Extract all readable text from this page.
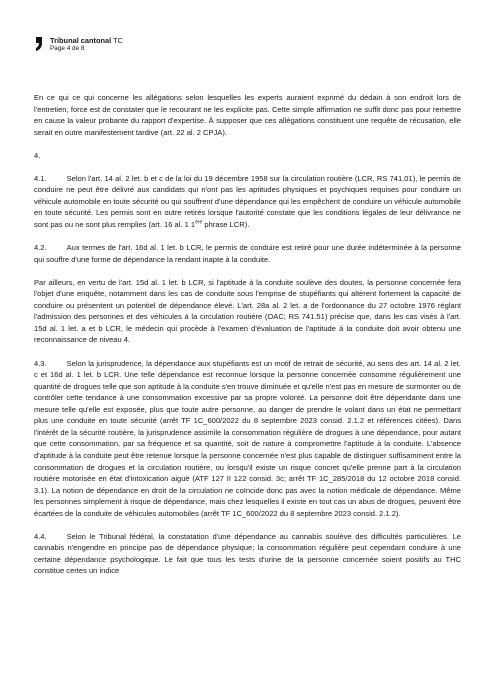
Tribunal cantonal TC
Page 4 de 8

En ce qui ce qui concerne les allégations selon lesquelles les experts auraient exprimé du dédain à son endroit lors de l'entretien, force est de constater que le recourant ne les explicite pas. Cette simple affirmation ne suffit donc pas pour remettre en cause la valeur probante du rapport d'expertise. À supposer que ces allégations constituent une requête de récusation, elle serait en outre manifestement tardive (art. 22 al. 2 CPJA).

4.

4.1.	Selon l'art. 14 al. 2 let. b et c de la loi du 19 décembre 1958 sur la circulation routière (LCR, RS 741.01), le permis de conduire ne peut être délivré aux candidats qui n'ont pas les aptitudes physiques et psychiques requises pour conduire un véhicule automobile en toute sécurité ou qui souffrent d'une dépendance qui les empêchent de conduire un véhicule automobile en toute sécurité. Les permis sont en outre retirés lorsque l'autorité constate que les conditions légales de leur délivrance ne sont pas ou ne sont plus remplies (art. 16 al. 1 1ère phrase LCR).

4.2.	Aux termes de l'art. 16d al. 1 let. b LCR, le permis de conduire est retiré pour une durée indéterminée à la personne qui souffre d'une forme de dépendance la rendant inapte à la conduite.

Par ailleurs, en vertu de l'art. 15d al. 1 let. b LCR, si l'aptitude à la conduite soulève des doutes, la personne concernée fera l'objet d'une enquête, notamment dans les cas de conduite sous l'emprise de stupéfiants qui altèrent fortement la capacité de conduire ou présentent un potentiel de dépendance élevé. L'art. 28a al. 2 let. a de l'ordonnance du 27 octobre 1976 réglant l'admission des personnes et des véhicules à la circulation routière (OAC; RS 741.51) précise que, dans les cas visés à l'art. 15d al. 1 let. a et b LCR, le médecin qui procède à l'examen d'évaluation de l'aptitude à la conduite doit avoir obtenu une reconnaissance de niveau 4.

4.3.	Selon la jurisprudence, la dépendance aux stupéfiants est un motif de retrait de sécurité, au sens des art. 14 al. 2 let. c et 16d al. 1 let. b LCR. Une telle dépendance est reconnue lorsque la personne concernée consomme régulièrement une quantité de drogues telle que son aptitude à la conduite s'en trouve diminuée et qu'elle n'est pas en mesure de surmonter ou de contrôler cette tendance à une consommation excessive par sa propre volonté. La personne doit être dépendante dans une mesure telle qu'elle est exposée, plus que toute autre personne, au danger de prendre le volant dans un état ne permettant plus une conduite en toute sécurité (arrêt TF 1C_600/2022 du 8 septembre 2023 consid. 2.1.2 et références citées). Dans l'intérêt de la sécurité routière, la jurisprudence assimile la consommation régulière de drogues à une dépendance, pour autant que cette consommation, par sa fréquence et sa quantité, soit de nature à compromettre l'aptitude à la conduite. L'absence d'aptitude à la conduite peut être retenue lorsque la personne concernée n'est plus capable de distinguer suffisamment entre la consommation de drogues et la circulation routière, ou lorsqu'il existe un risque concret qu'elle prenne part à la circulation routière motorisée en état d'intoxication aiguë (ATF 127 II 122 consid. 3c; arrêt TF 1C_285/2018 du 12 octobre 2018 consid. 3.1). La notion de dépendance en droit de la circulation ne coïncide donc pas avec la notion médicale de dépendance. Même les personnes simplement à risque de dépendance, mais chez lesquelles il existe en tout cas un abus de drogues, peuvent être écartées de la conduite de véhicules automobiles (arrêt TF 1C_600/2022 du 8 septembre 2023 consid. 2.1.2).

4.4.	Selon le Tribunal fédéral, la constatation d'une dépendance au cannabis soulève des difficultés particulières. Le cannabis n'engendre en principe pas de dépendance physique; la consommation régulière peut cependant conduire à une certaine dépendance psychologique. Le fait que tous les tests d'urine de la personne concernée soient positifs au THC constitue certes un indice
